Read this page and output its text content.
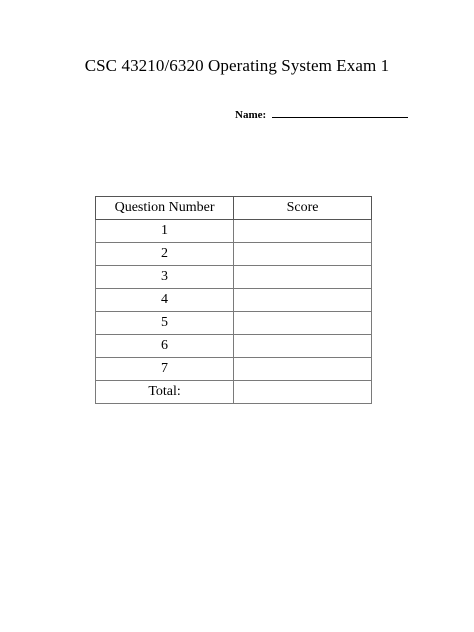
CSC 43210/6320 Operating System Exam 1
Name:
Question Number	Score
1	
2	
3	
4	
5	
6	
7	
Total:	
